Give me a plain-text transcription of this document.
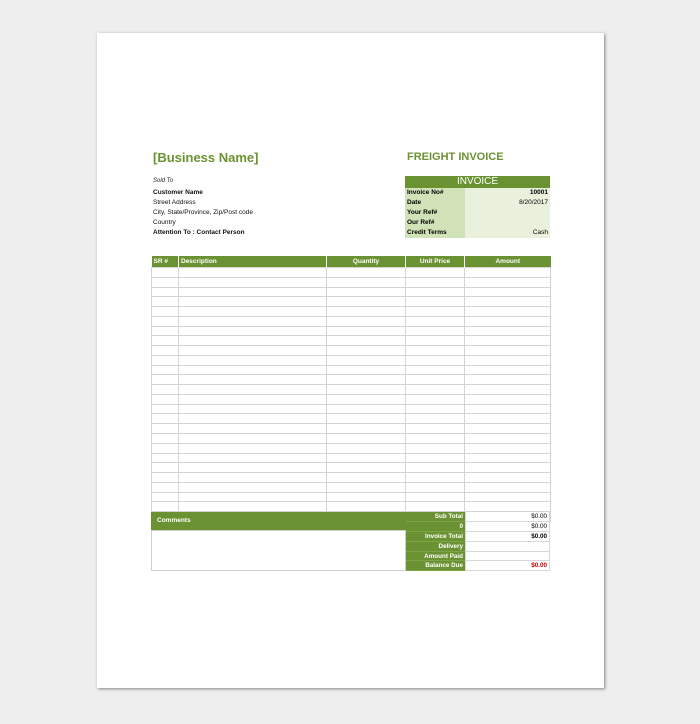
[Business Name]	FREIGHT INVOICE
Sold To
Customer Name
Street Address
City, State/Province, Zip/Post code
Country
Attention To : Contact Person
INVOICE
Invoice No#	10001
Date	8/20/2017
Your Ref#
Our Ref#
Credit Terms	Cash
SR #	Description	Quantity	Unit Price	Amount

Comments
Sub Total	$0.00
0	$0.00
Invoice Total	$0.00
Delivery
Amount Paid
Balance Due	$0.00
